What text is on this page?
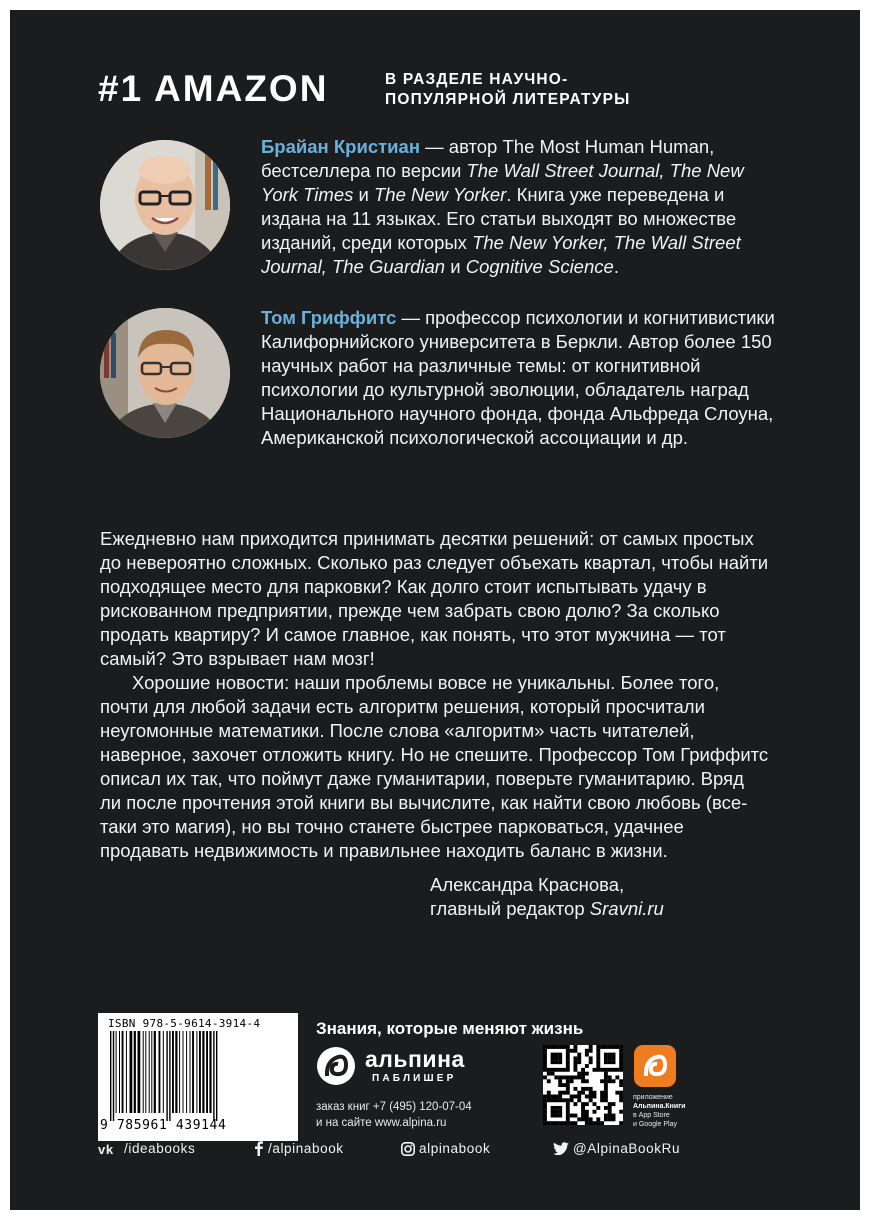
#1 AMAZON	В РАЗДЕЛЕ НАУЧНО-
ПОПУЛЯРНОЙ ЛИТЕРАТУРЫ
Брайан Кристиан — автор The Most Human Human, бестселлера по версии The Wall Street Journal, The New York Times и The New Yorker. Книга уже переведена и издана на 11 языках. Его статьи выходят во множестве изданий, среди которых The New Yorker, The Wall Street Journal, The Guardian и Cognitive Science.
Том Гриффитс — профессор психологии и когнитивистики Калифорнийского университета в Беркли. Автор более 150 научных работ на различные темы: от когнитивной психологии до культурной эволюции, обладатель наград Национального научного фонда, фонда Альфреда Слоуна, Американской психологической ассоциации и др.

Ежедневно нам приходится принимать десятки решений: от самых простых до невероятно сложных. Сколько раз следует объехать квартал, чтобы найти подходящее место для парковки? Как долго стоит испытывать удачу в рискованном предприятии, прежде чем забрать свою долю? За сколько продать квартиру? И самое главное, как понять, что этот мужчина — тот самый? Это взрывает нам мозг!

Хорошие новости: наши проблемы вовсе не уникальны. Более того, почти для любой задачи есть алгоритм решения, который просчитали неугомонные математики. После слова «алгоритм» часть читателей, наверное, захочет отложить книгу. Но не спешите. Профессор Том Гриффитс описал их так, что поймут даже гуманитарии, поверьте гуманитарию. Вряд ли после прочтения этой книги вы вычислите, как найти свою любовь (все-таки это магия), но вы точно станете быстрее парковаться, удачнее продавать недвижимость и правильнее находить баланс в жизни.

Александра Краснова,
главный редактор Sravni.ru
ISBN 978-5-9614-3914-4
9 785961 439144
Знания, которые меняют жизнь
альпина
ПАБЛИШЕР
заказ книг +7 (495) 120-07-04
и на сайте www.alpina.ru
приложение
Альпина.Книги
в App Store
и Google Play
vk /ideabooks	/alpinabook	alpinabook	@AlpinaBookRu
